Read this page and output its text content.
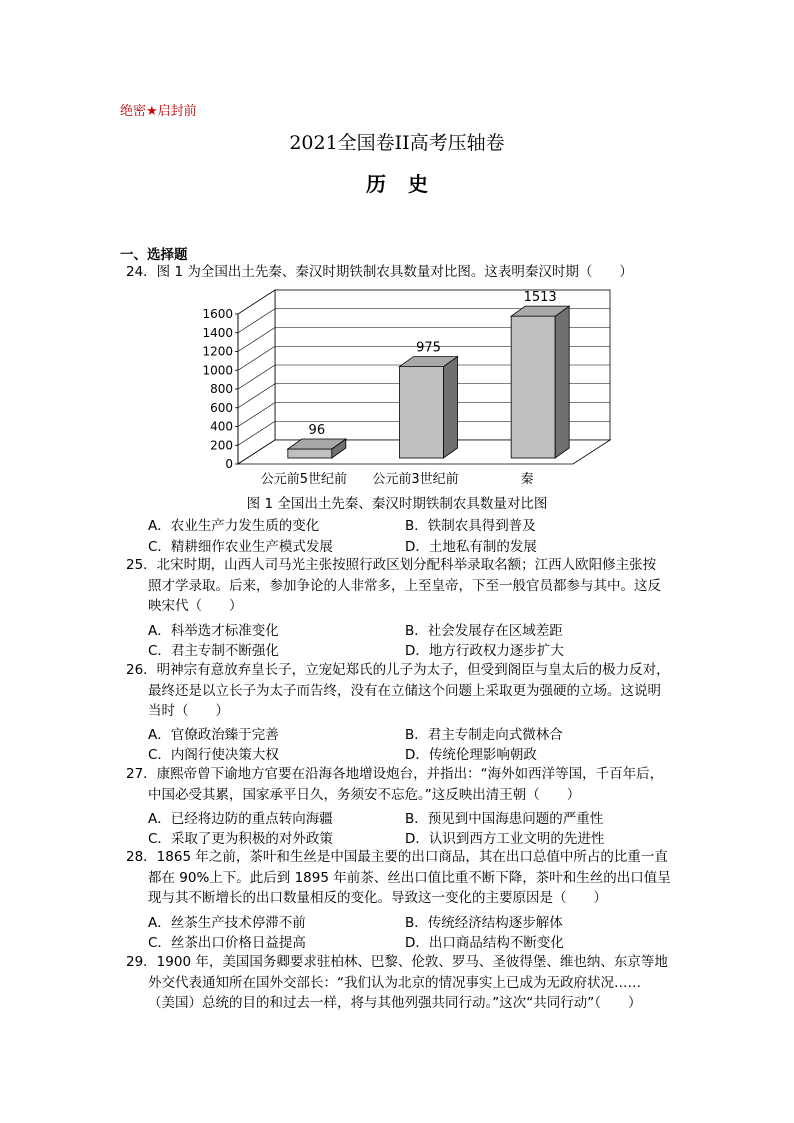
绝密★启封前
2021全国卷II高考压轴卷
历史
一、选择题
24．图 1 为全国出土先秦、秦汉时期铁制农具数量对比图。这表明秦汉时期（　　）
0
200
400
600
800
1000
1200
1400
1600
96
公元前5世纪前
975
公元前3世纪前
1513
秦
图 1 全国出土先秦、秦汉时期铁制农具数量对比图
A．农业生产力发生质的变化	B．铁制农具得到普及
C．精耕细作农业生产模式发展	D．土地私有制的发展
25．北宋时期，山西人司马光主张按照行政区划分配科举录取名额；江西人欧阳修主张按
照才学录取。后来，参加争论的人非常多，上至皇帝，下至一般官员都参与其中。这反
映宋代（　　）
A．科举选才标准变化	B．社会发展存在区域差距
C．君主专制不断强化	D．地方行政权力逐步扩大
26．明神宗有意放弃皇长子，立宠妃郑氏的儿子为太子，但受到阁臣与皇太后的极力反对，
最终还是以立长子为太子而告终，没有在立储这个问题上采取更为强硬的立场。这说明
当时（　　）
A．官僚政治臻于完善	B．君主专制走向式微林合
C．内阁行使决策大权	D．传统伦理影响朝政
27．康熙帝曾下谕地方官要在沿海各地增设炮台，并指出：“海外如西洋等国，千百年后，
中国必受其累，国家承平日久，务须安不忘危。”这反映出清王朝（　　）
A．已经将边防的重点转向海疆	B．预见到中国海患问题的严重性
C．采取了更为积极的对外政策	D．认识到西方工业文明的先进性
28．1865 年之前，茶叶和生丝是中国最主要的出口商品，其在出口总值中所占的比重一直
都在 90%上下。此后到 1895 年前茶、丝出口值比重不断下降，茶叶和生丝的出口值呈
现与其不断增长的出口数量相反的变化。导致这一变化的主要原因是（　　）
A．丝茶生产技术停滞不前	B．传统经济结构逐步解体
C．丝茶出口价格日益提高	D．出口商品结构不断变化
29．1900 年，美国国务卿要求驻柏林、巴黎、伦敦、罗马、圣彼得堡、维也纳、东京等地
外交代表通知所在国外交部长：“我们认为北京的情况事实上已成为无政府状况……
（美国）总统的目的和过去一样，将与其他列强共同行动。”这次“共同行动”（　　）
